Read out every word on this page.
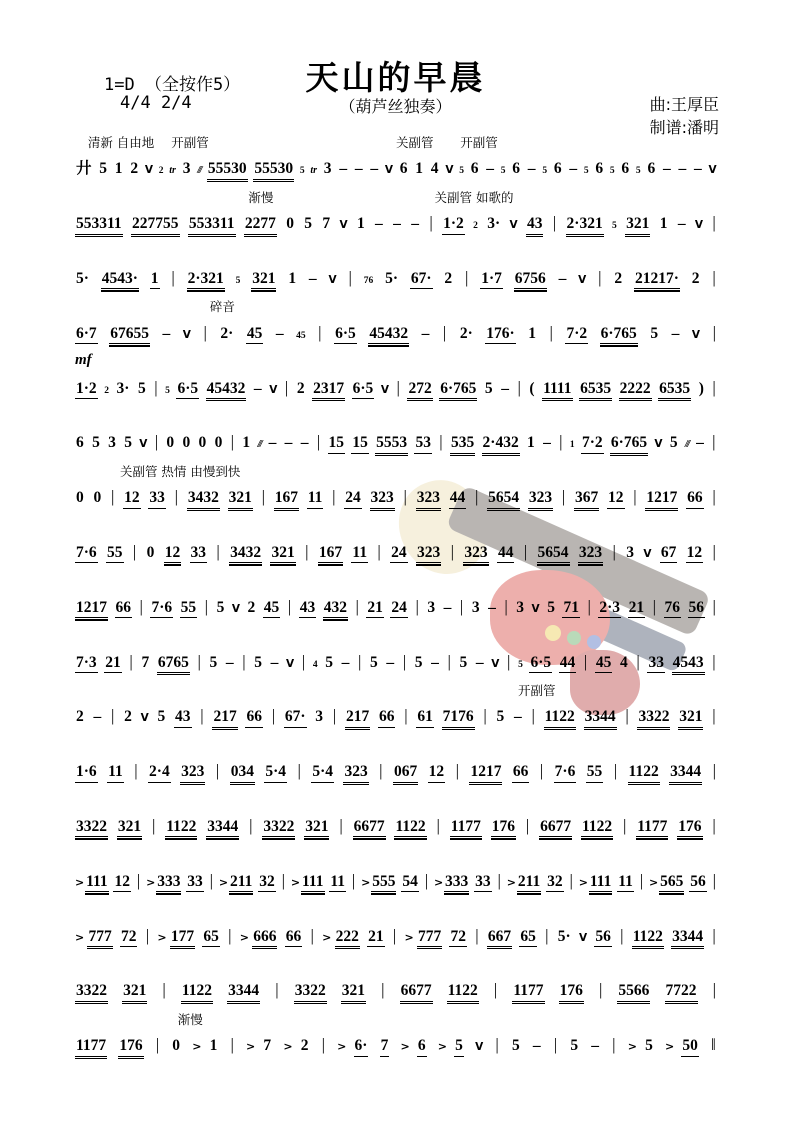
1=D （全按作5）
4/4 2/4
天山的早晨
（葫芦丝独奏）	曲:王厚臣
制谱:潘明
清新 自由地 开副管	关副管 开副管
廾 5 1 2 V 2 tr 3 /// 55530 55530 5 tr 3 – – – V 6 1 4 V 5 6 – 5 6 – 5 6 – 5 6 5 6 5 6 – – – V
渐慢	关副管 如歌的
553311 227755 553311 2277 0 5 7 V 1 – – – | 1·2 2 3· V 43 | 2·321 5 321 1 – V |
5· 4543· 1 | 2·321 5 321 1 – V | 76 5· 67· 2 | 1·7 6756 – V | 2 21217· 2 |
碎音
6·7 67655 – V | 2· 45 – 45 | 6·5 45432 – | 2· 176· 1 | 7·2 6·765 5 – V |
mf
1·2 2 3· 5 | 5 6·5 45432 – V | 2 2317 6·5 V | 272 6·765 5 – | ( 1111 6535 2222 6535 ) |
6 5 3 5 V | 0 0 0 0 | 1 /// – – – | 15 15 5553 53 | 535 2·432 1 – | 1 7·2 6·765 V 5 /// – |
关副管 热情 由慢到快
0 0 | 12 33 | 3432 321 | 167 11 | 24 323 | 323 44 | 5654 323 | 367 12 | 1217 66 |
7·6 55 | 0 12 33 | 3432 321 | 167 11 | 24 323 | 323 44 | 5654 323 | 3 V 67 12 |
1217 66 | 7·6 55 | 5 V 2 45 | 43 432 | 21 24 | 3 – | 3 – | 3 V 5 71 | 2·3 21 | 76 56 |
7·3 21 | 7 6765 | 5 – | 5 – V | 4 5 – | 5 – | 5 – | 5 – V | 5 6·5 44 | 45 4 | 33 4543 |
开副管
2 – | 2 V 5 43 | 217 66 | 67· 3 | 217 66 | 61 7176 | 5 – | 1122 3344 | 3322 321 |
1·6 11 | 2·4 323 | 034 5·4 | 5·4 323 | 067 12 | 1217 66 | 7·6 55 | 1122 3344 |
3322 321 | 1122 3344 | 3322 321 | 6677 1122 | 1177 176 | 6677 1122 | 1177 176 |
> 111 12 | > 333 33 | > 211 32 | > 111 11 | > 555 54 | > 333 33 | > 211 32 | > 111 11 | > 565 56 |
> 777 72 | > 177 65 | > 666 66 | > 222 21 | > 777 72 | 667 65 | 5· V 56 | 1122 3344 |
3322 321 | 1122 3344 | 3322 321 | 6677 1122 | 1177 176 | 5566 7722 |
渐慢
1177 176 | 0 > 1 | > 7 > 2 | > 6· 7 > 6 > 5 V | 5 – | 5 – | > 5 > 50 ‖
